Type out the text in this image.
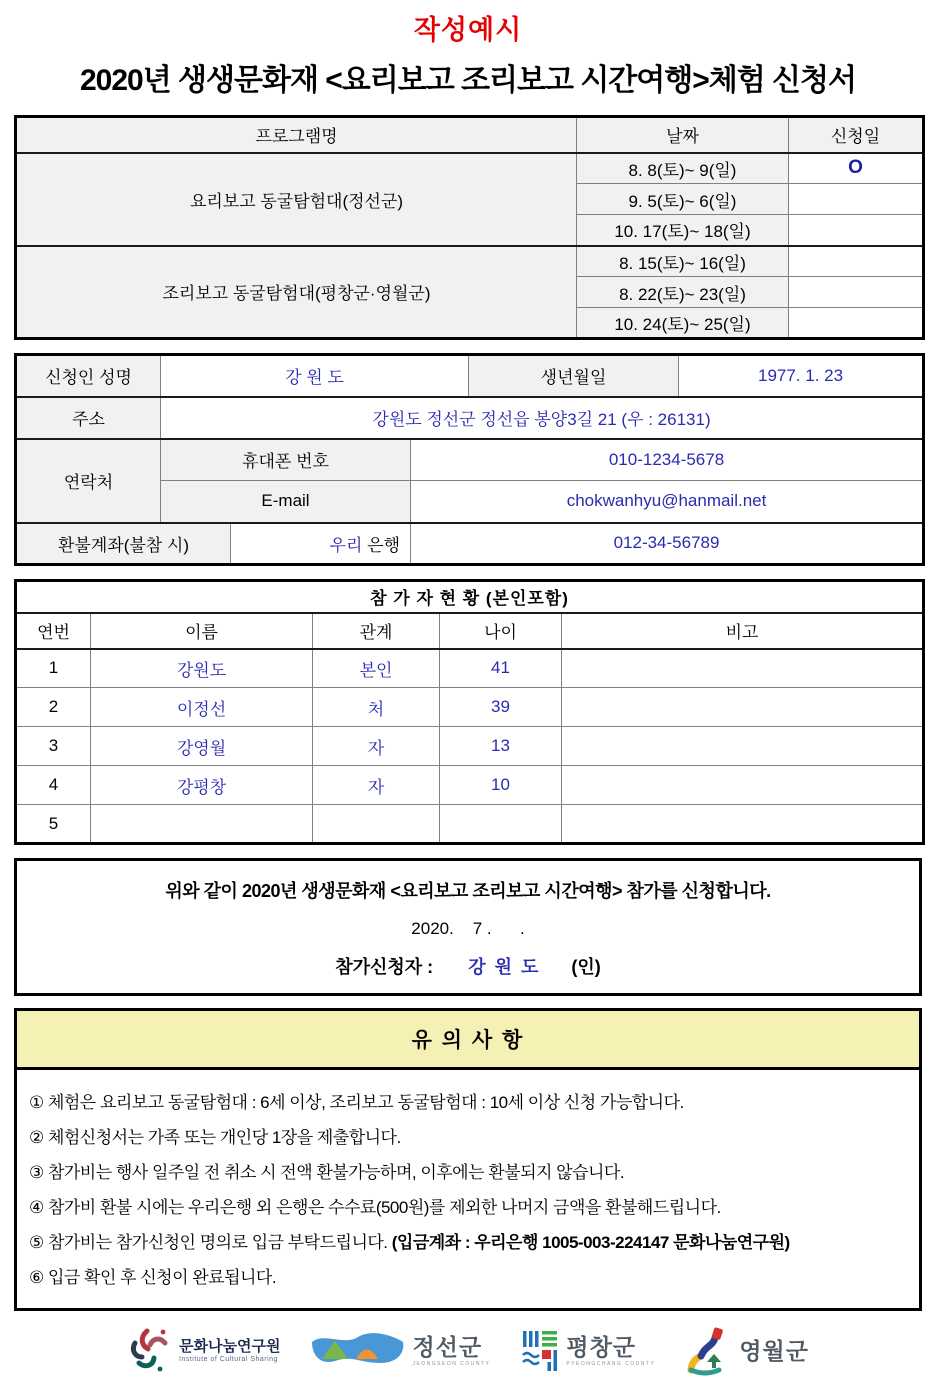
작성예시
2020년 생생문화재 <요리보고 조리보고 시간여행>체험 신청서
프로그램명	날짜	신청일
요리보고 동굴탐험대(정선군)	8. 8(토)~ 9(일)	O
	9. 5(토)~ 6(일)	
	10. 17(토)~ 18(일)	
조리보고 동굴탐험대(평창군·영월군)	8. 15(토)~ 16(일)	
	8. 22(토)~ 23(일)	
	10. 24(토)~ 25(일)	
신청인 성명	강 원 도			생년월일	1977. 1. 23
주소	강원도 정선군 정선읍 봉양3길 21 (우 : 26131)				
연락처	휴대폰 번호		010-1234-5678		
	E-mail		chokwanhyu@hanmail.net		
환불계좌(불참 시)		우리 은행	012-34-56789		
참 가 자 현 황 (본인포함)				
연번	이름	관계	나이	비고
1	강원도	본인	41	
2	이정선	처	39	
3	강영월	자	13	
4	강평창	자	10	
5				
위와 같이 2020년 생생문화재 <요리보고 조리보고 시간여행> 참가를 신청합니다.
2020.    7 .      .
참가신청자 : 강 원 도 (인)
유 의 사 항
① 체험은 요리보고 동굴탐험대 : 6세 이상, 조리보고 동굴탐험대 : 10세 이상 신청 가능합니다.
② 체험신청서는 가족 또는 개인당 1장을 제출합니다.
③ 참가비는 행사 일주일 전 취소 시 전액 환불가능하며, 이후에는 환불되지 않습니다.
④ 참가비 환불 시에는 우리은행 외 은행은 수수료(500원)를 제외한 나머지 금액을 환불해드립니다.
⑤ 참가비는 참가신청인 명의로 입금 부탁드립니다. (입금계좌 : 우리은행 1005-003-224147 문화나눔연구원)
⑥ 입금 확인 후 신청이 완료됩니다.
문화나눔연구원
Institute of Cultural Sharing	정선군
JEONGSEON COUNTY
평창군
PYEONGCHANG COUNTY	영월군
